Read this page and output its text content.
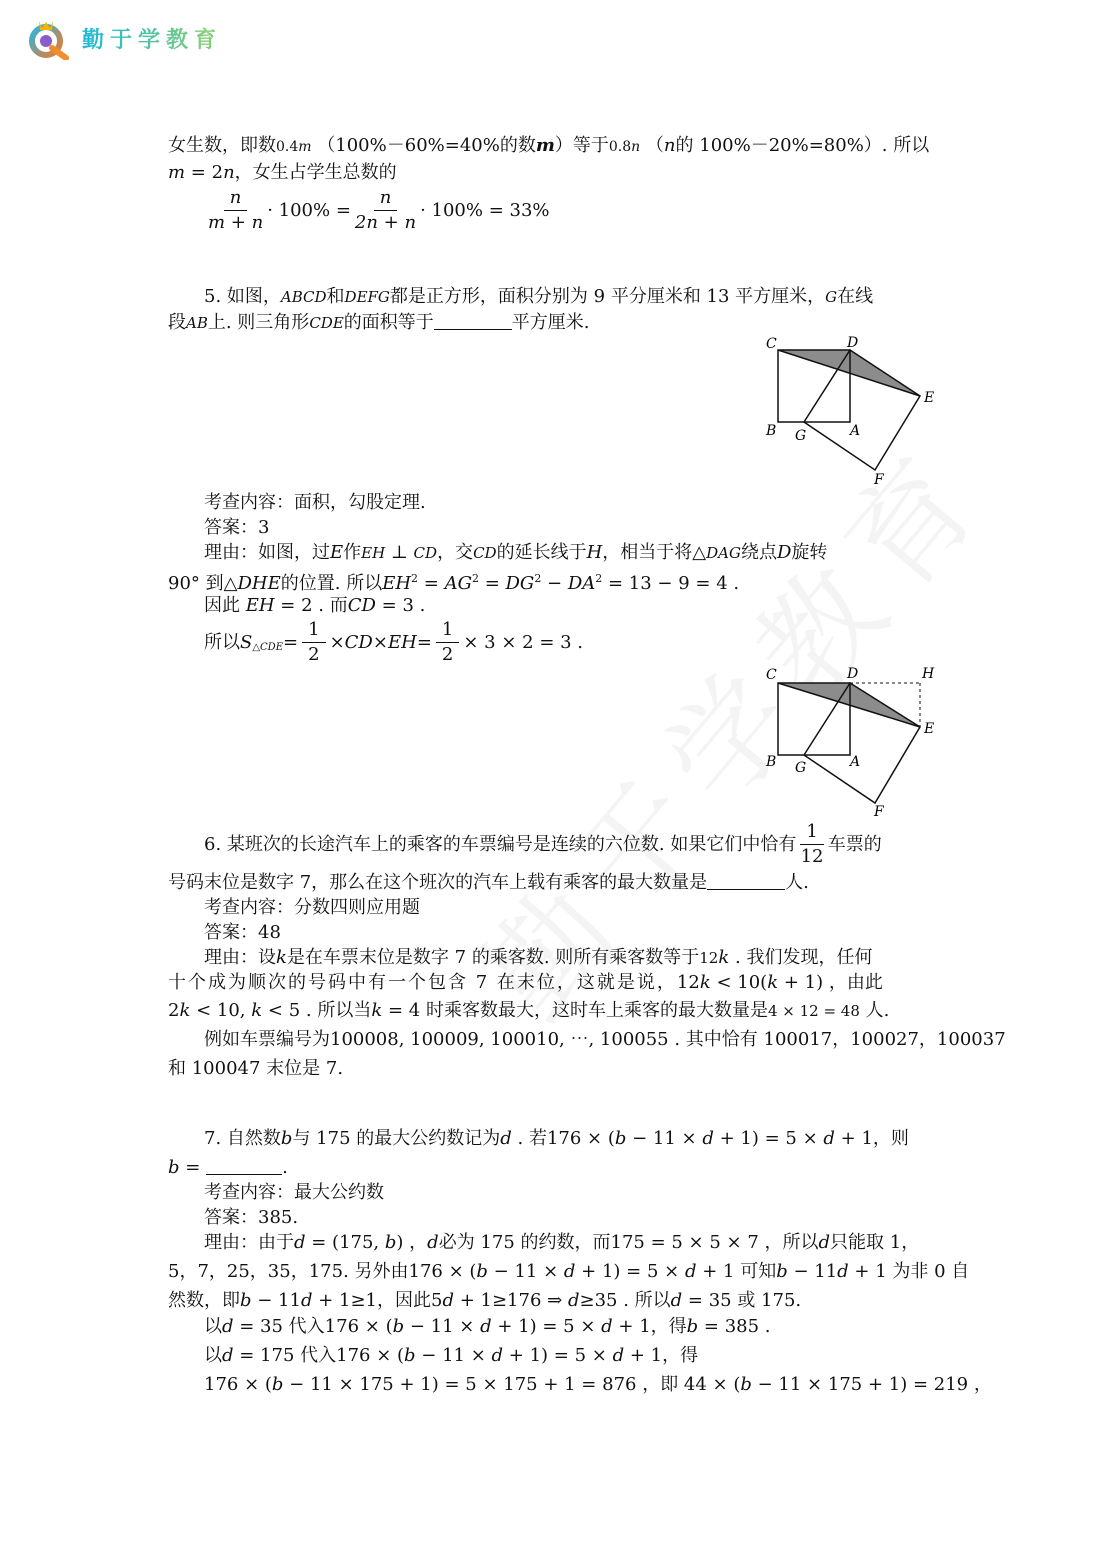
勤于学教育
女生数，即数0.4m （100%－60%=40%的数m）等于0.8n （n的 100%－20%=80%）. 所以
m = 2n，女生占学生总数的
$\frac{n}{m + n} \cdot 100\% = \frac{n}{2n + n} \cdot 100\% = 33\%$
5. 如图，ABCD和DEFG都是正方形，面积分别为 9 平分厘米和 13 平方厘米，G在线
段AB上. 则三角形CDE的面积等于	平方厘米.
C	D
E
B G	A
F
考查内容：面积，勾股定理.
答案：3
理由：如图，过E作EH ⊥ CD，交CD的延长线于H，相当于将△DAG绕点D旋转
90° 到△DHE的位置. 所以$EH^2 = AG^2 = DG^2 - DA^2 = 13 - 9 = 4$ .
因此 EH = 2 . 而CD = 3 .
所以 $S_{\triangle CDE} = \frac{1}{2}$ × CD × EH = $\frac{1}{2} \times 3 \times 2 = 3$ .
C	D	H
E
B G	A
F
6. 某班次的长途汽车上的乘客的车票编号是连续的六位数. 如果它们中恰有 $\frac{1}{12}$ 车票的
号码末位是数字 7，那么在这个班次的汽车上载有乘客的最大数量是	人.
考查内容：分数四则应用题
答案：48
理由：设k是在车票末位是数字 7 的乘客数. 则所有乘客数等于12k . 我们发现，任何
十个成为顺次的号码中有一个包含 7 在末位，这就是说，12k < 10(k + 1) ，由此
2k < 10, k < 5 . 所以当k = 4 时乘客数最大，这时车上乘客的最大数量是4 × 12 = 48 人.
例如车票编号为100008, 100009, 100010, ⋯, 100055 . 其中恰有 100017，100027，100037
和 100047 末位是 7.
7. 自然数b与 175 的最大公约数记为d . 若176 × (b − 11 × d + 1) = 5 × d + 1，则
b =	.
考查内容：最大公约数
答案：385.
理由：由于d = (175, b) ，d必为 175 的约数，而175 = 5 × 5 × 7 ，所以d只能取 1，
5，7，25，35，175. 另外由176 × (b − 11 × d + 1) = 5 × d + 1 可知b − 11d + 1 为非 0 自
然数，即b − 11d + 1≥1，因此5d + 1≥176 ⇒ d≥35 . 所以d = 35 或 175.
以d = 35 代入176 × (b − 11 × d + 1) = 5 × d + 1，得b = 385 .
以d = 175 代入176 × (b − 11 × d + 1) = 5 × d + 1，得
176 × (b − 11 × 175 + 1) = 5 × 175 + 1 = 876 ，即 44 × (b − 11 × 175 + 1) = 219 ，
